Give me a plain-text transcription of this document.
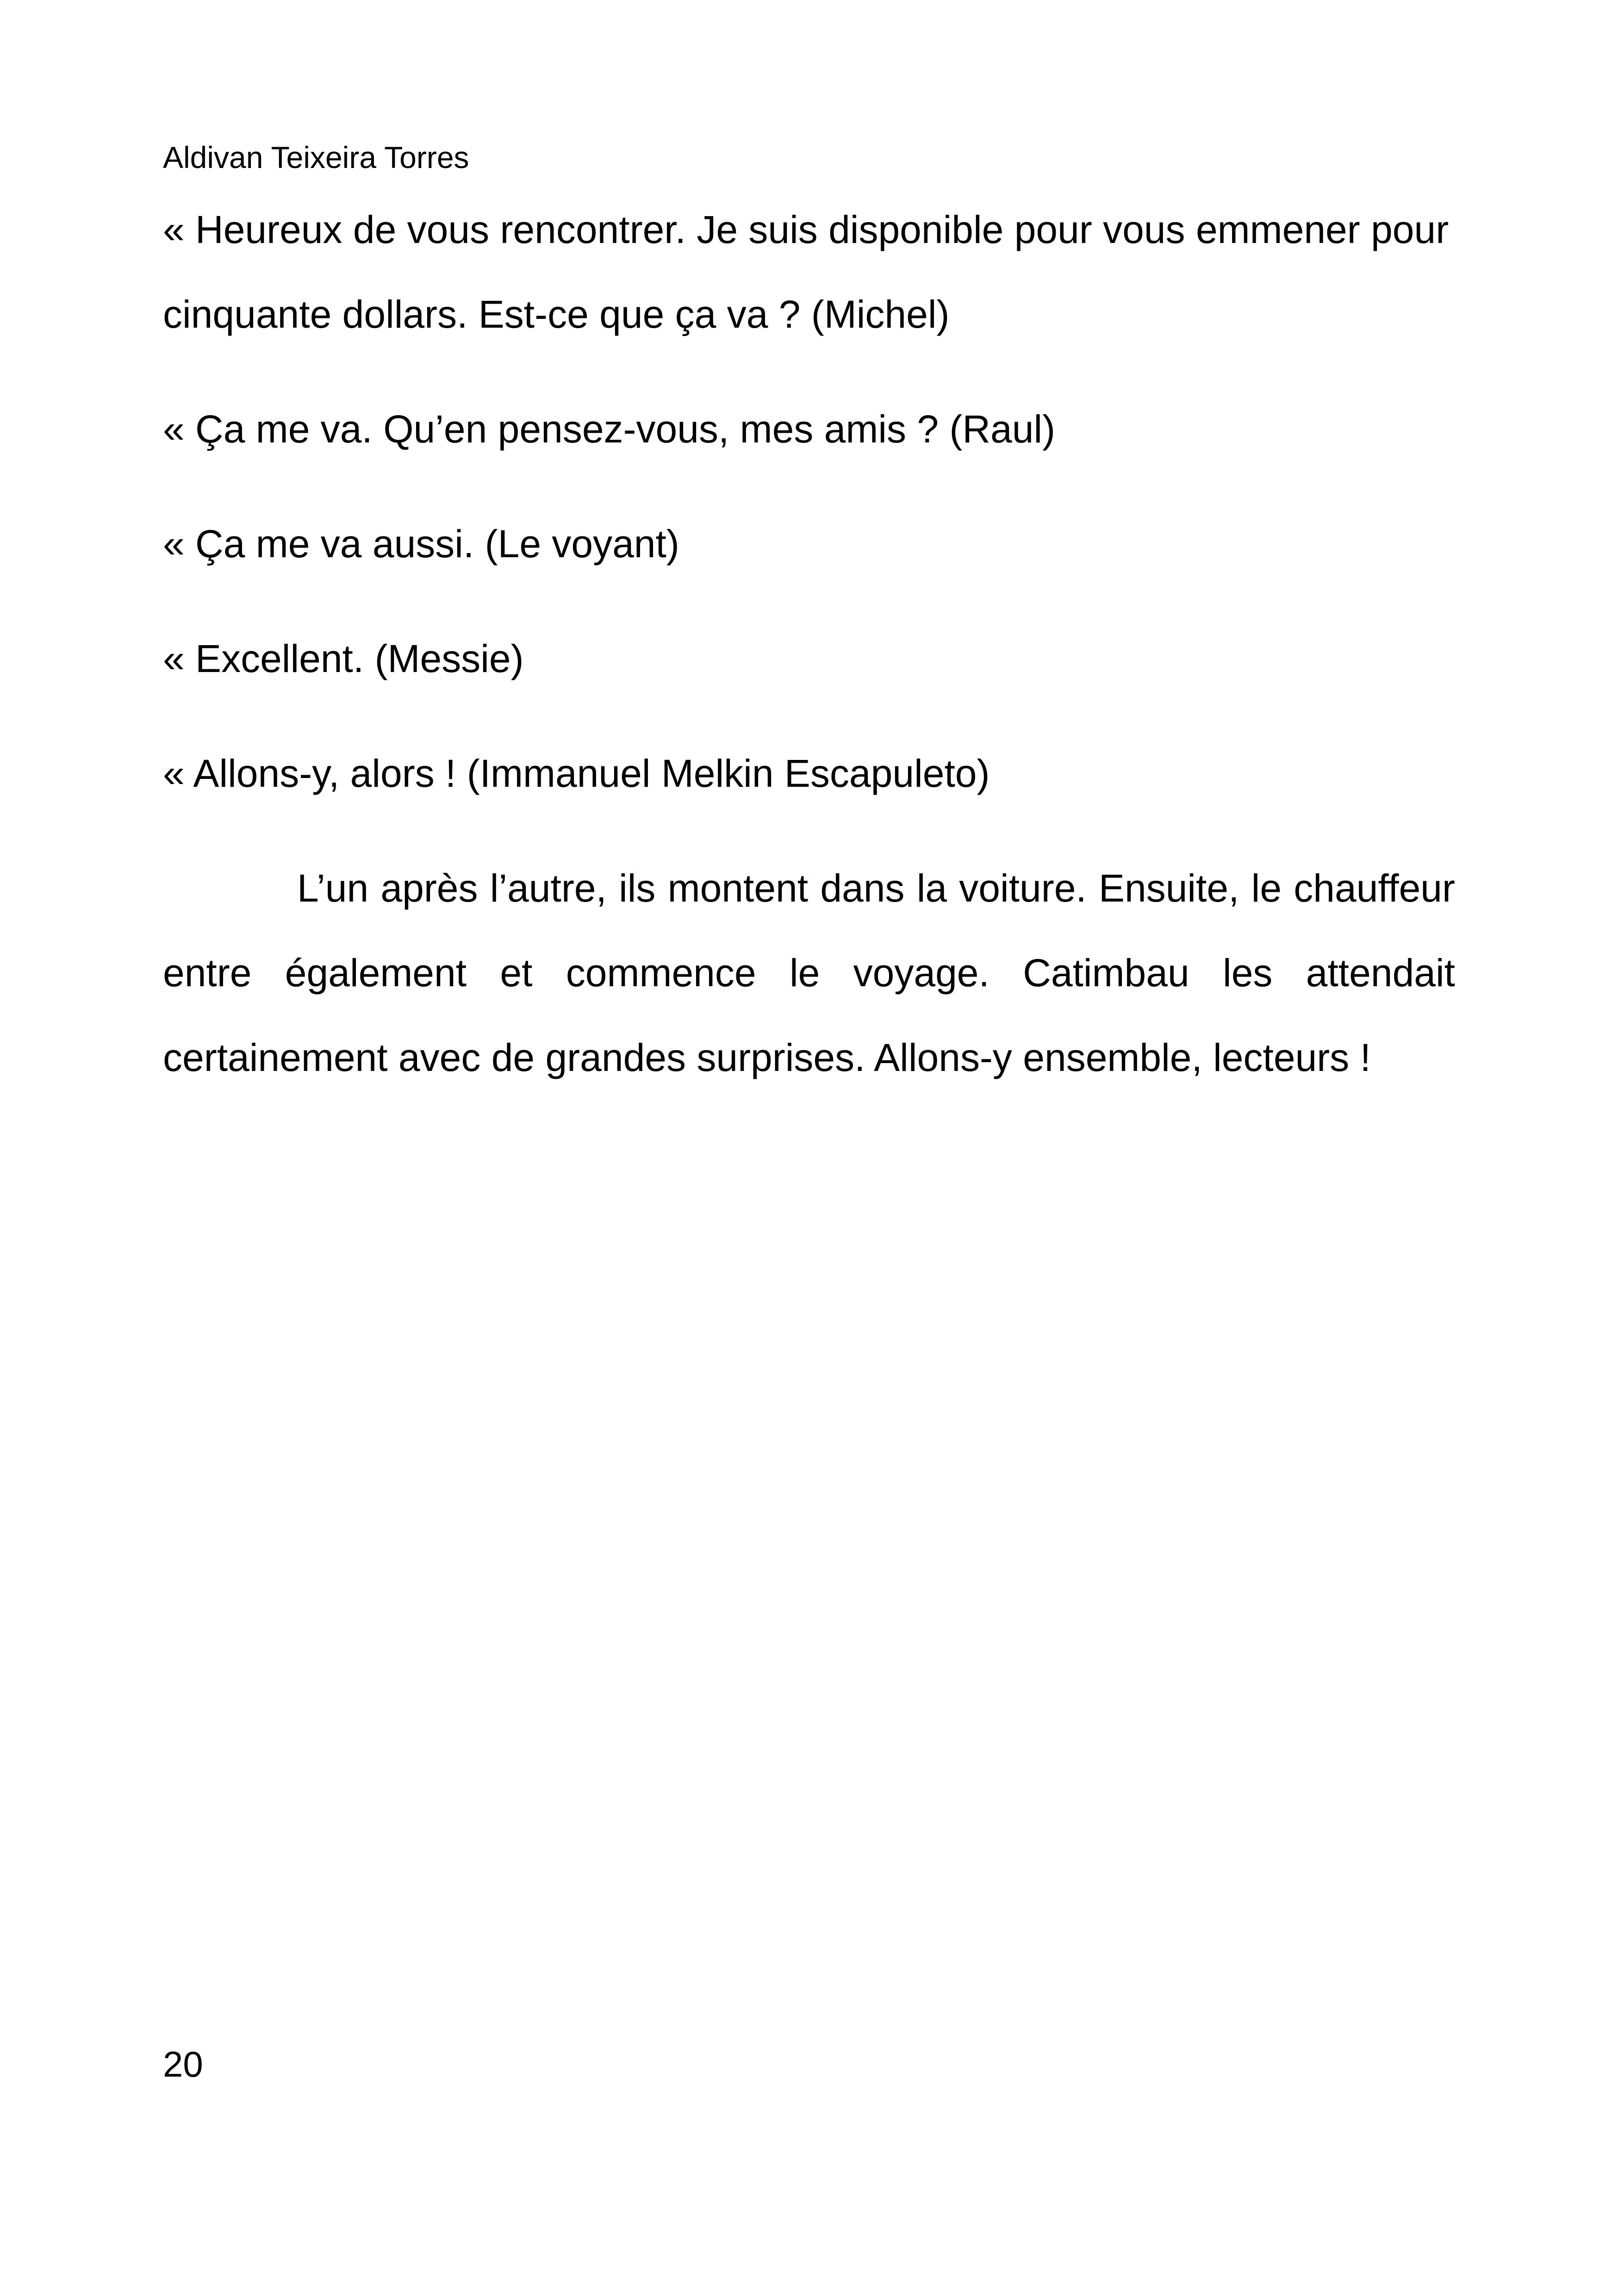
Aldivan Teixeira Torres

« Heureux de vous rencontrer. Je suis disponible pour vous emmener pour cinquante dollars. Est-ce que ça va ? (Michel)

« Ça me va. Qu’en pensez-vous, mes amis ? (Raul)

« Ça me va aussi. (Le voyant)

« Excellent. (Messie)

« Allons-y, alors ! (Immanuel Melkin Escapuleto)

L’un après l’autre, ils montent dans la voiture. Ensuite, le chauffeur entre également et commence le voyage. Catimbau les attendait certainement avec de grandes surprises. Allons-y ensemble, lecteurs !

20
